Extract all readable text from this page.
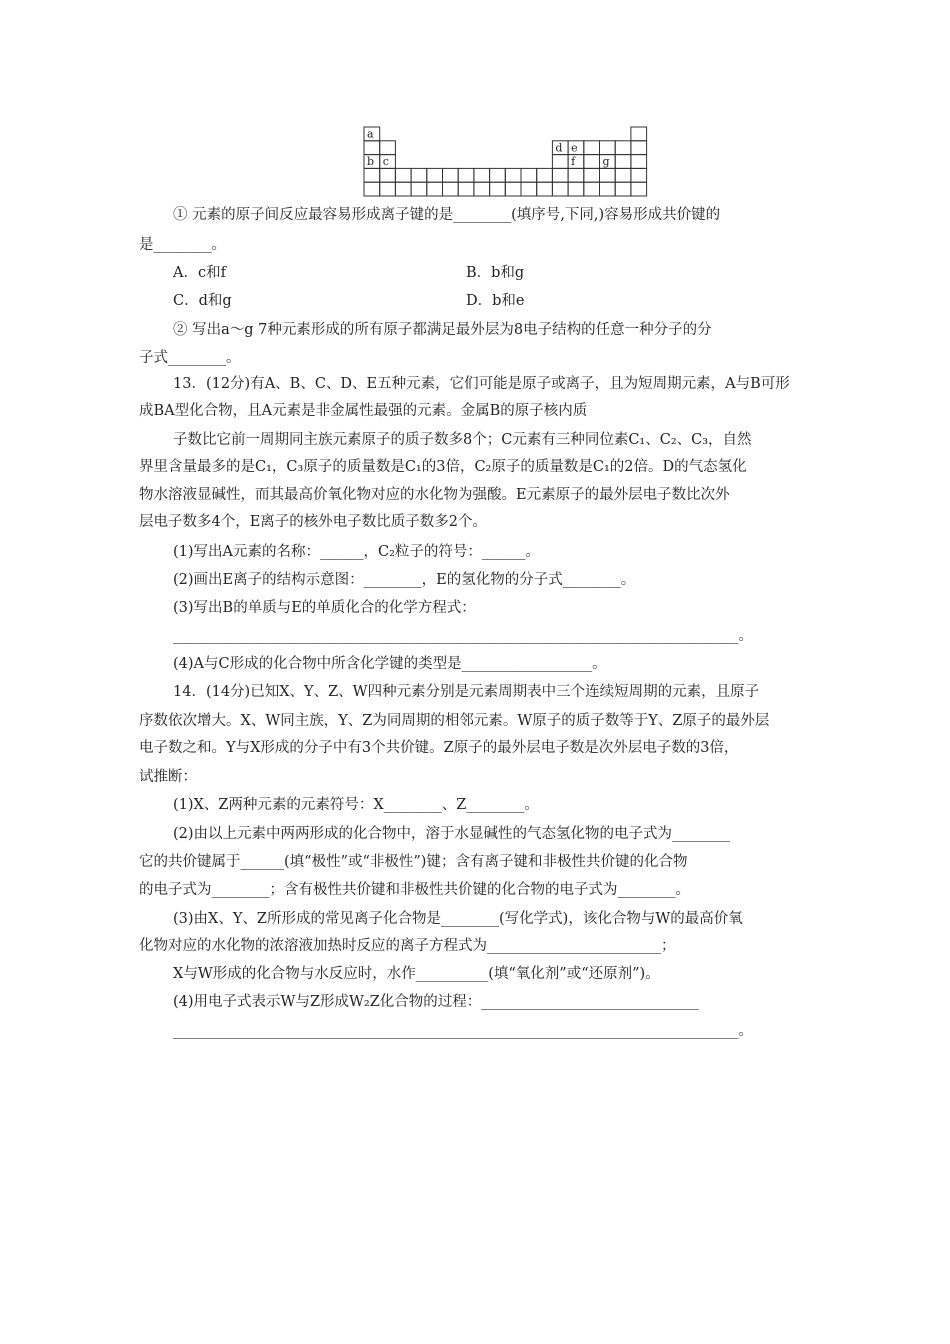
a
b c
d e
f g
① 元素的原子间反应最容易形成离子键的是________(填序号,下同,)容易形成共价键的
是________。
A．c和f	B．b和g
C．d和g	D．b和e
② 写出a～g 7种元素形成的所有原子都满足最外层为8电子结构的任意一种分子的分
子式________。
13．(12分)有A、B、C、D、E五种元素，它们可能是原子或离子，且为短周期元素，A与B可形
成BA型化合物，且A元素是非金属性最强的元素。金属B的原子核内质
子数比它前一周期同主族元素原子的质子数多8个；C元素有三种同位素C₁、C₂、C₃，自然
界里含量最多的是C₁，C₃原子的质量数是C₁的3倍，C₂原子的质量数是C₁的2倍。D的气态氢化
物水溶液显碱性，而其最高价氧化物对应的水化物为强酸。E元素原子的最外层电子数比次外
层电子数多4个，E离子的核外电子数比质子数多2个。
(1)写出A元素的名称：______，C₂粒子的符号：______。
(2)画出E离子的结构示意图：________，E的氢化物的分子式________。
(3)写出B的单质与E的单质化合的化学方程式：
______________________________________________________________________________。
(4)A与C形成的化合物中所含化学键的类型是__________________。
14．(14分)已知X、Y、Z、W四种元素分别是元素周期表中三个连续短周期的元素，且原子
序数依次增大。X、W同主族，Y、Z为同周期的相邻元素。W原子的质子数等于Y、Z原子的最外层
电子数之和。Y与X形成的分子中有3个共价键。Z原子的最外层电子数是次外层电子数的3倍，
试推断：
(1)X、Z两种元素的元素符号：X________、Z________。
(2)由以上元素中两两形成的化合物中，溶于水显碱性的气态氢化物的电子式为________
它的共价键属于______(填“极性”或“非极性”)键；含有离子键和非极性共价键的化合物
的电子式为________；含有极性共价键和非极性共价键的化合物的电子式为________。
(3)由X、Y、Z所形成的常见离子化合物是________(写化学式)，该化合物与W的最高价氧
化物对应的水化物的浓溶液加热时反应的离子方程式为________________________；
X与W形成的化合物与水反应时，水作__________(填“氧化剂”或“还原剂”)。
(4)用电子式表示W与Z形成W₂Z化合物的过程：______________________________
______________________________________________________________________________。
